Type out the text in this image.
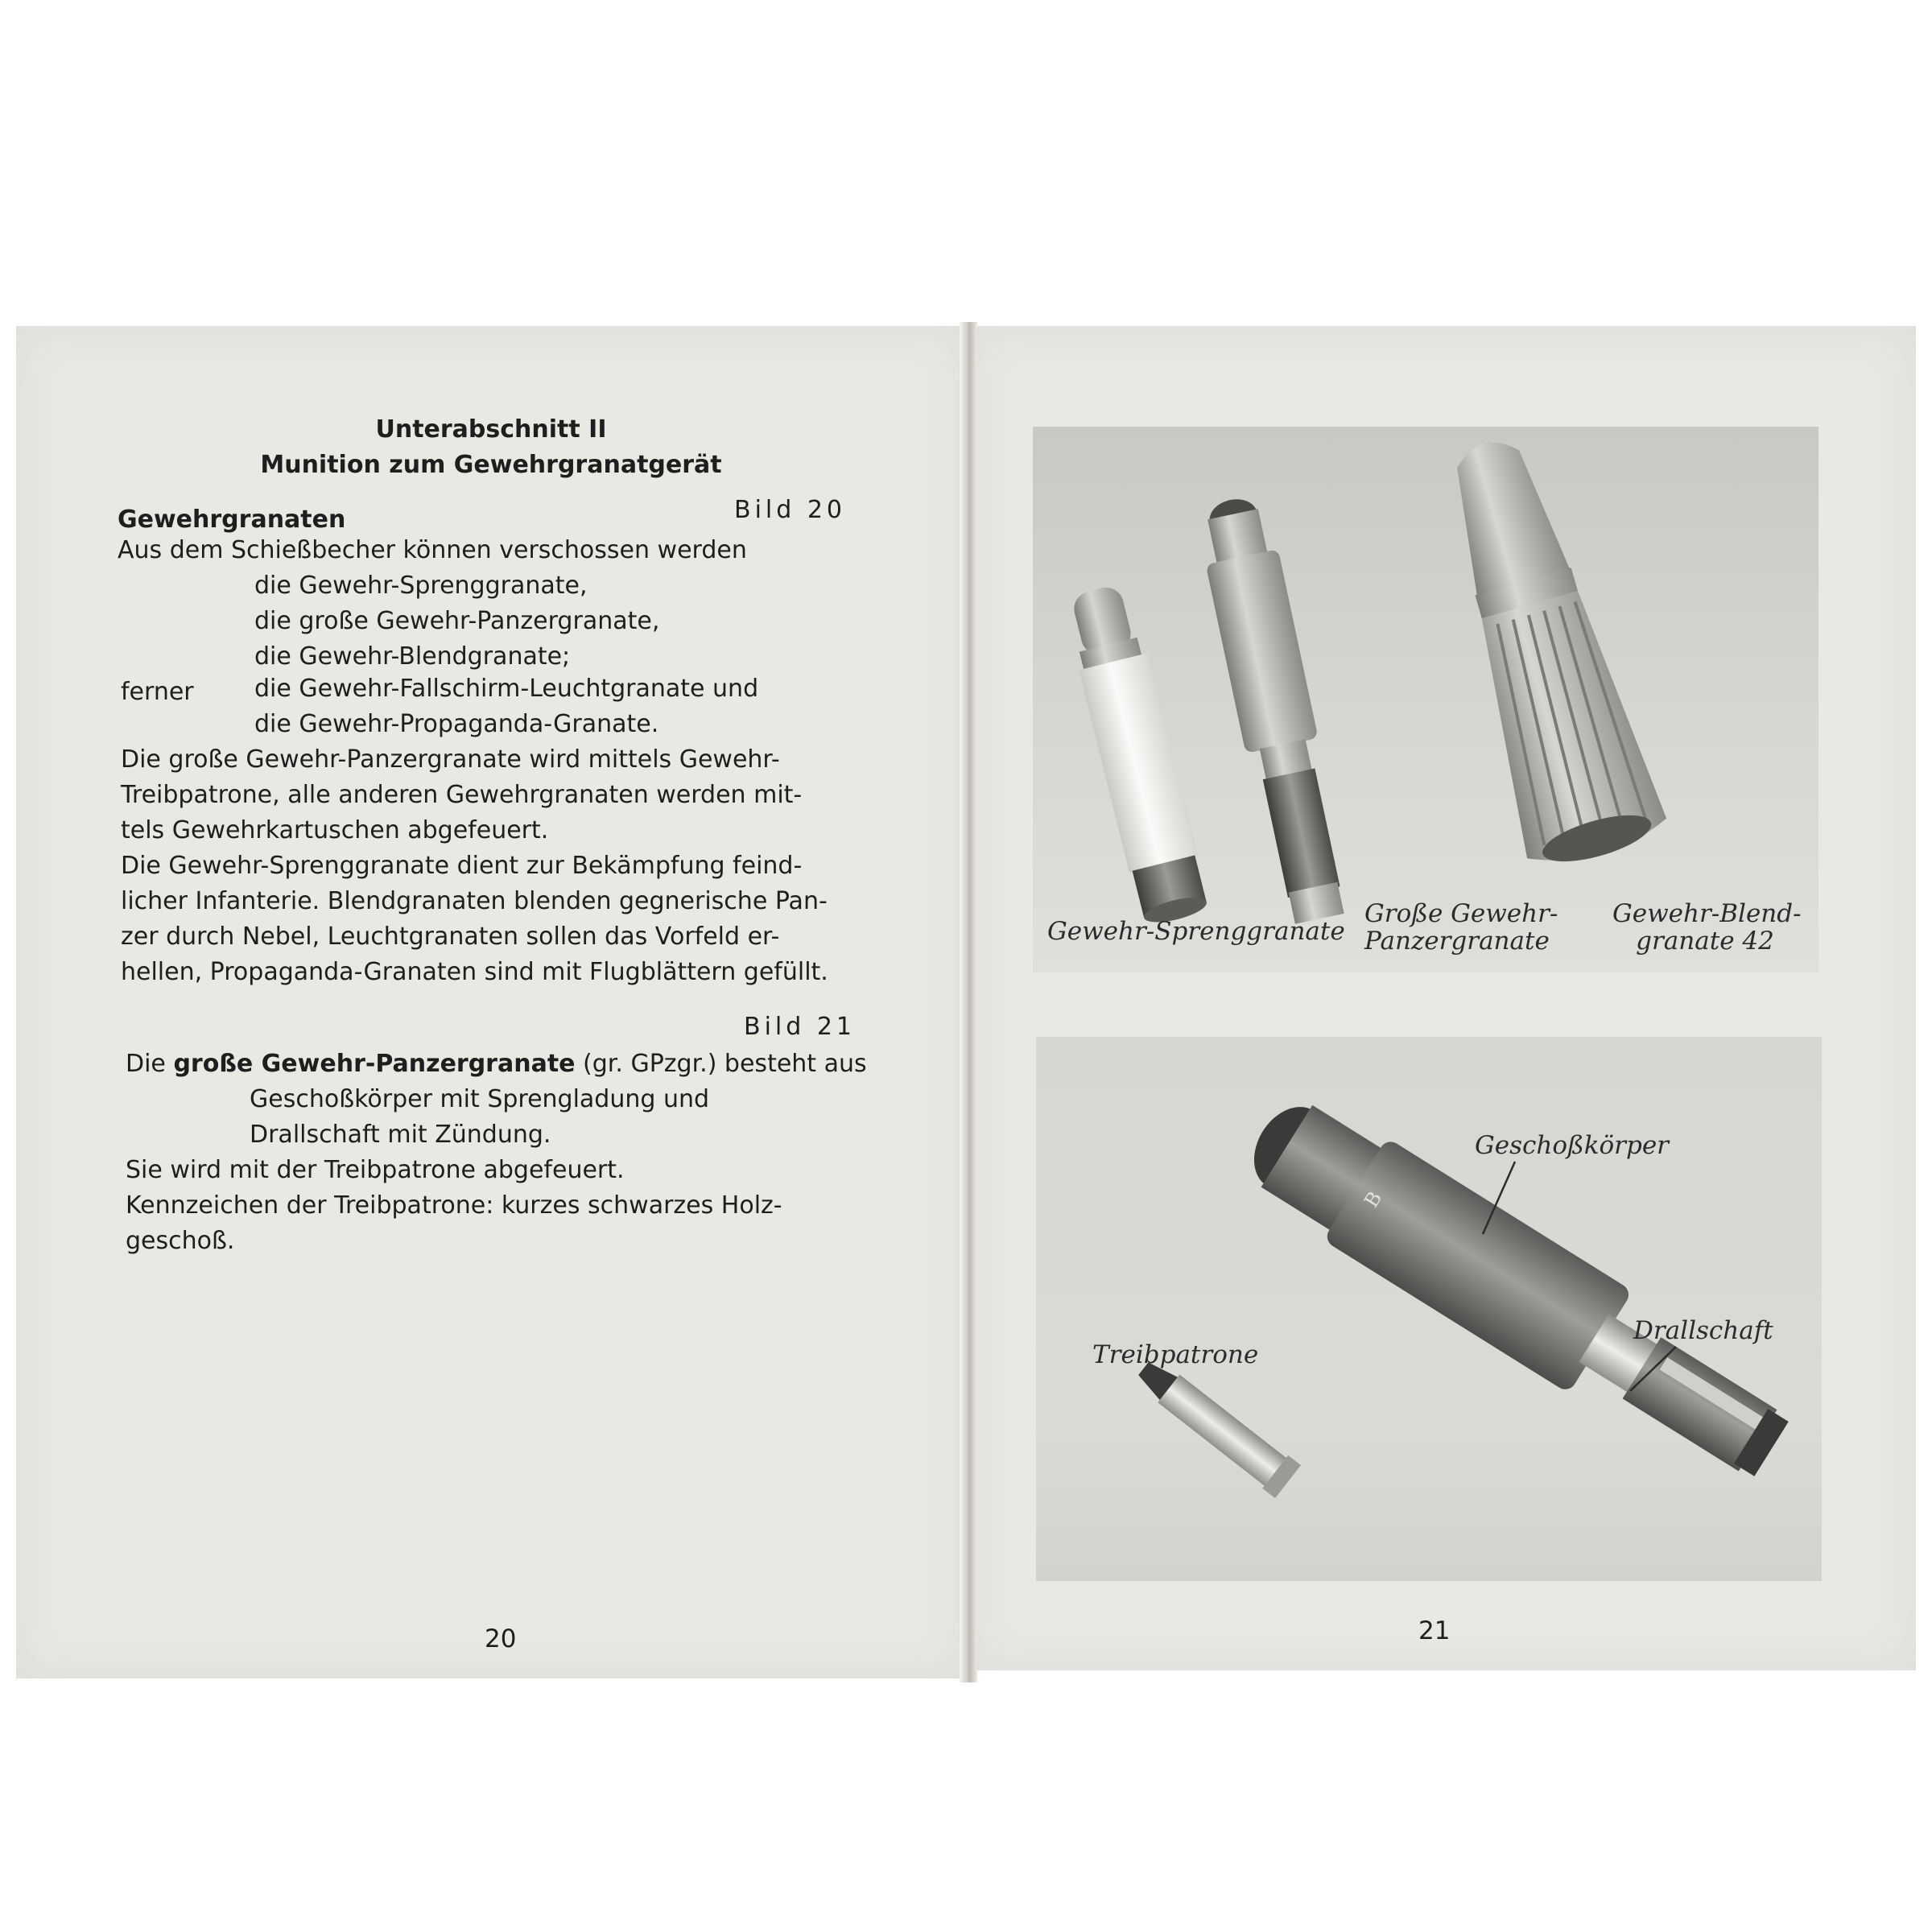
Unterabschnitt II
Munition zum Gewehrgranatgerät
Gewehrgranaten	Bild 20
Aus dem Schießbecher können verschossen werden
die Gewehr-Sprenggranate,
die große Gewehr-Panzergranate,
die Gewehr-Blendgranate;
ferner	die Gewehr-Fallschirm-Leuchtgranate und
die Gewehr-Propaganda-Granate.
Die große Gewehr-Panzergranate wird mittels Gewehr-
Treibpatrone, alle anderen Gewehrgranaten werden mit-
tels Gewehrkartuschen abgefeuert.
Die Gewehr-Sprenggranate dient zur Bekämpfung feind-
licher Infanterie. Blendgranaten blenden gegnerische Pan-
zer durch Nebel, Leuchtgranaten sollen das Vorfeld er-
hellen, Propaganda-Granaten sind mit Flugblättern gefüllt.
Bild 21
Die große Gewehr-Panzergranate (gr. GPzgr.) besteht aus
Geschoßkörper mit Sprengladung und
Drallschaft mit Zündung.
Sie wird mit der Treibpatrone abgefeuert.
Kennzeichen der Treibpatrone: kurzes schwarzes Holz-
geschoß.
20
Gewehr-Sprenggranate
Große Gewehr-
Panzergranate
Gewehr-Blend-
granate 42
Geschoßkörper
Drallschaft
Treibpatrone
B
21
